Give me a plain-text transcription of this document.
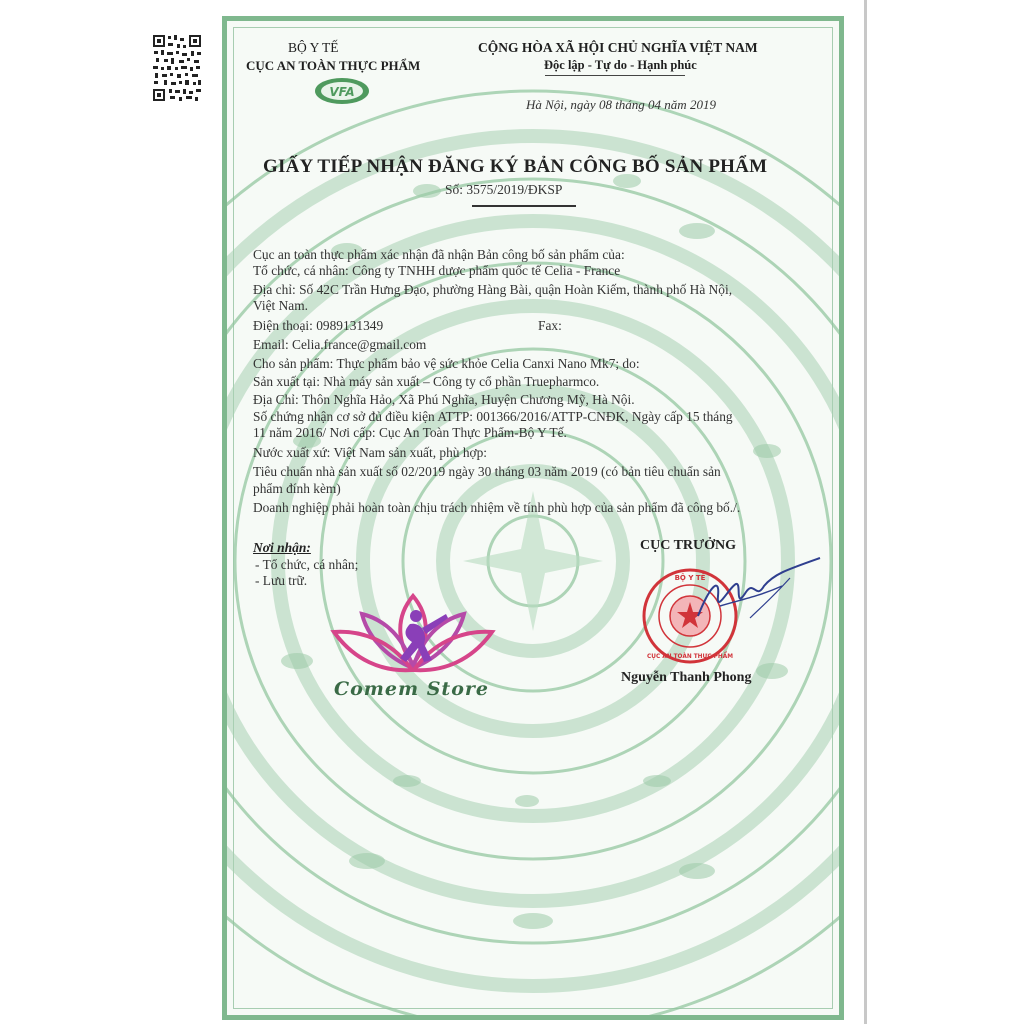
BỘ Y TẾ
CỤC AN TOÀN THỰC PHẨM
VFA
CỘNG HÒA XÃ HỘI CHỦ NGHĨA VIỆT NAM
Độc lập - Tự do - Hạnh phúc
Hà Nội, ngày 08 tháng 04 năm 2019
GIẤY TIẾP NHẬN ĐĂNG KÝ BẢN CÔNG BỐ SẢN PHẨM
Số: 3575/2019/ĐKSP
Cục an toàn thực phẩm xác nhận đã nhận Bản công bố sản phẩm của:
Tổ chức, cá nhân: Công ty TNHH dược phẩm quốc tế Celia - France
Địa chỉ: Số 42C Trần Hưng Đạo, phường Hàng Bài, quận Hoàn Kiếm, thành phố Hà Nội,
Việt Nam.
Điện thoại: 0989131349	Fax:
Email: Celia.france@gmail.com
Cho sản phẩm: Thực phẩm bảo vệ sức khỏe Celia Canxi Nano Mk7; do:
Sản xuất tại: Nhà máy sản xuất – Công ty cổ phần Truepharmco.
Địa Chỉ: Thôn Nghĩa Hảo, Xã Phú Nghĩa, Huyện Chương Mỹ, Hà Nội.
Số chứng nhận cơ sở đủ điều kiện ATTP: 001366/2016/ATTP-CNĐK, Ngày cấp 15 tháng
11 năm 2016/ Nơi cấp: Cục An Toàn Thực Phẩm-Bộ Y Tế.
Nước xuất xứ: Việt Nam sản xuất, phù hợp:
Tiêu chuẩn nhà sản xuất số 02/2019 ngày 30 tháng 03 năm 2019 (có bản tiêu chuẩn sản
phẩm đính kèm)
Doanh nghiệp phải hoàn toàn chịu trách nhiệm về tính phù hợp của sản phẩm đã công bố./.
Nơi nhận:
- Tổ chức, cá nhân;
- Lưu trữ.
CỤC TRƯỞNG
BỘ Y TẾ
CỤC AN TOÀN THỰC PHẨM
Nguyễn Thanh Phong
Comem Store
